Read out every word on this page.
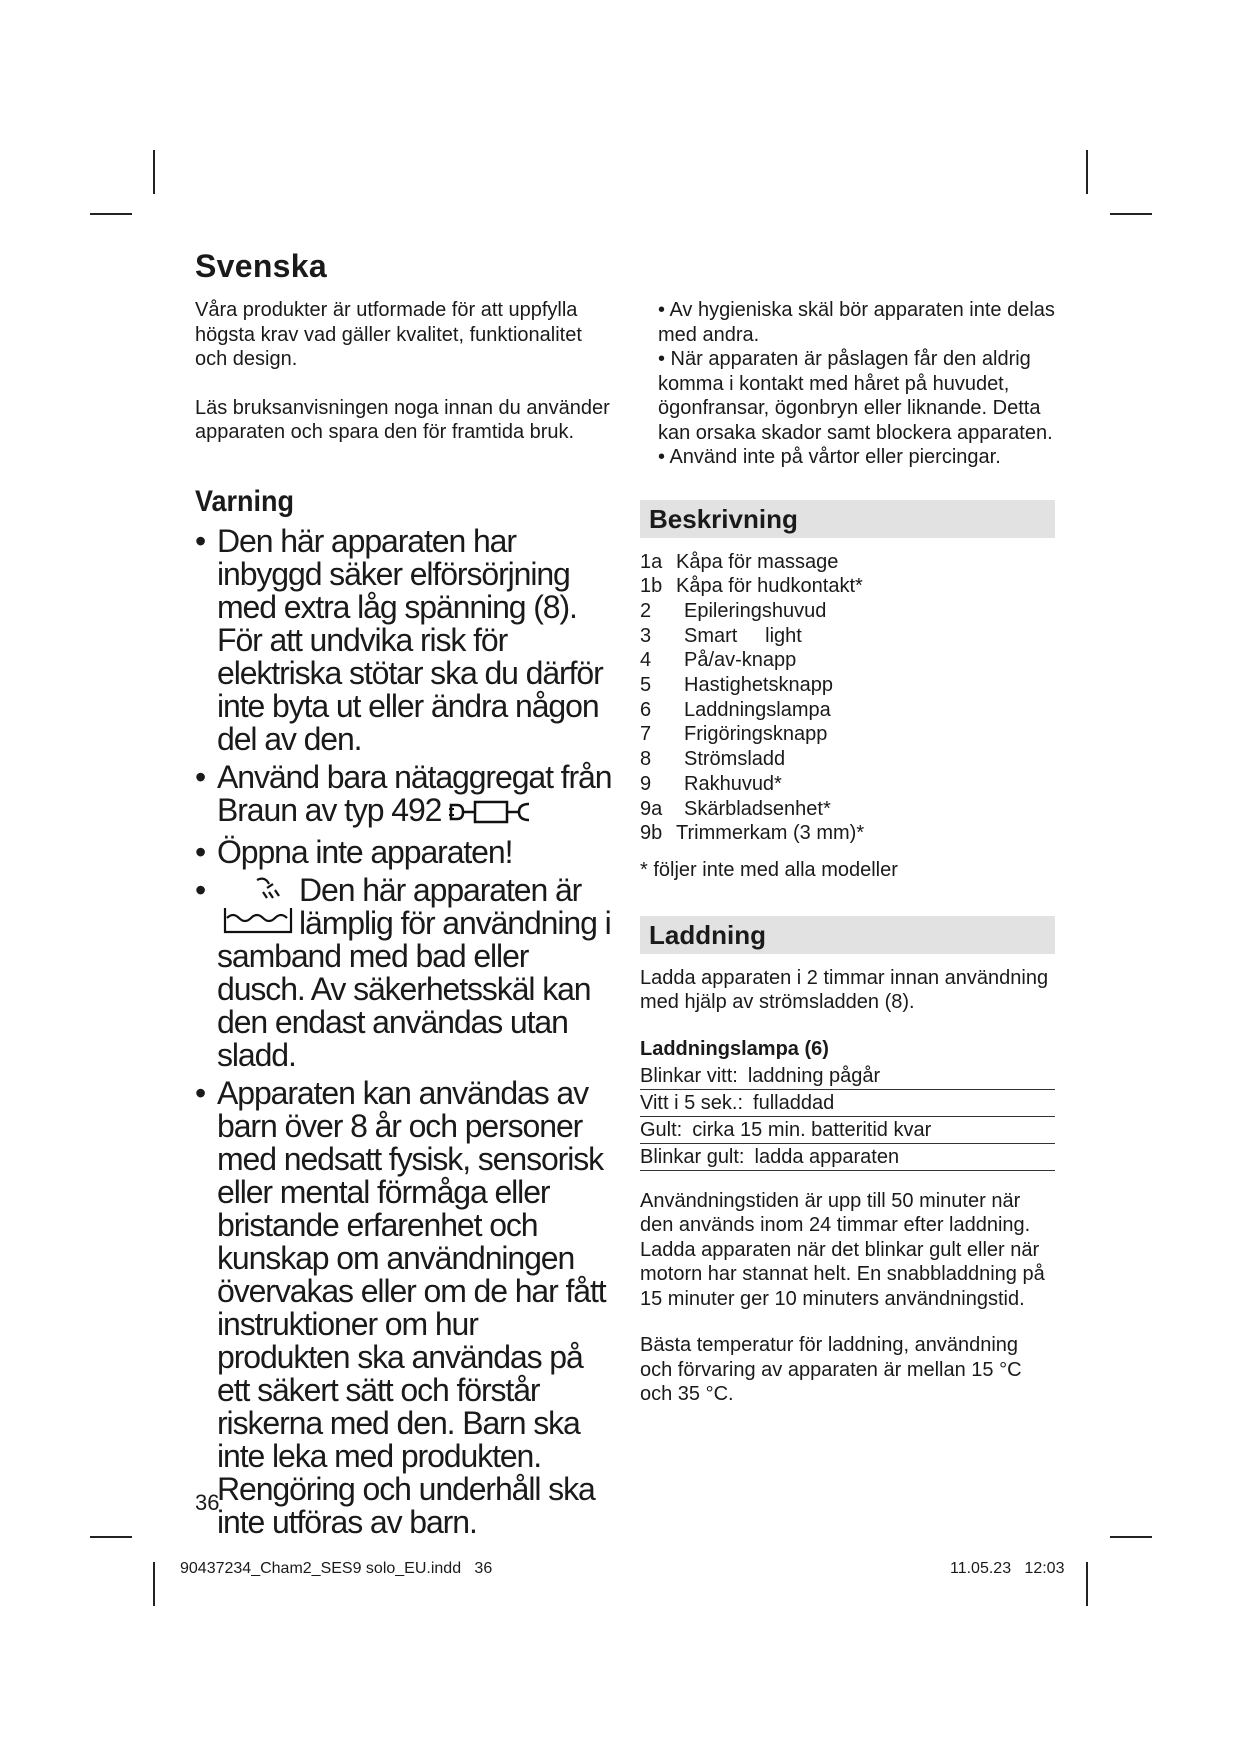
Svenska

Våra produkter är utformade för att uppfylla högsta krav vad gäller kvalitet, funktionalitet och design.

Läs bruksanvisningen noga innan du använder apparaten och spara den för framtida bruk.

Varning
• Den här apparaten har inbyggd säker elförsörjning med extra låg spänning (8). För att undvika risk för elektriska stötar ska du därför inte byta ut eller ändra någon del av den.
• Använd bara nätaggregat från Braun av typ 492
• Öppna inte apparaten!
• Den här apparaten är lämplig för användning i samband med bad eller dusch. Av säkerhetsskäl kan den endast användas utan sladd.
• Apparaten kan användas av barn över 8 år och personer med nedsatt fysisk, sensorisk eller mental förmåga eller bristande erfarenhet och kunskap om användningen övervakas eller om de har fått instruktioner om hur produkten ska användas på ett säkert sätt och förstår riskerna med den. Barn ska inte leka med produkten. Rengöring och underhåll ska inte utföras av barn.
• Av hygieniska skäl bör apparaten inte delas med andra.
• När apparaten är påslagen får den aldrig komma i kontakt med håret på huvudet, ögonfransar, ögonbryn eller liknande. Detta kan orsaka skador samt blockera apparaten.
• Använd inte på vårtor eller piercingar.
Beskrivning
1a Kåpa för massage
1b Kåpa för hudkontakt*
2	Epileringshuvud
3	Smart     light
4	På/av-knapp
5	Hastighetsknapp
6	Laddningslampa
7	Frigöringsknapp
8	Strömsladd
9	Rakhuvud*
9a	Skärbladsenhet*
9b Trimmerkam (3 mm)*

* följer inte med alla modeller

Laddning

Ladda apparaten i 2 timmar innan användning med hjälp av strömsladden (8).

Laddningslampa (6)

Blinkar vitt: laddning pågår
Vitt i 5 sek.: fulladdad
Gult: cirka 15 min. batteritid kvar
Blinkar gult: ladda apparaten

Användningstiden är upp till 50 minuter när den används inom 24 timmar efter laddning. Ladda apparaten när det blinkar gult eller när motorn har stannat helt. En snabbladdning på 15 minuter ger 10 minuters användningstid.

Bästa temperatur för laddning, användning och förvaring av apparaten är mellan 15 °C och 35 °C.

36
90437234_Cham2_SES9 solo_EU.indd   36	11.05.23   12:03
